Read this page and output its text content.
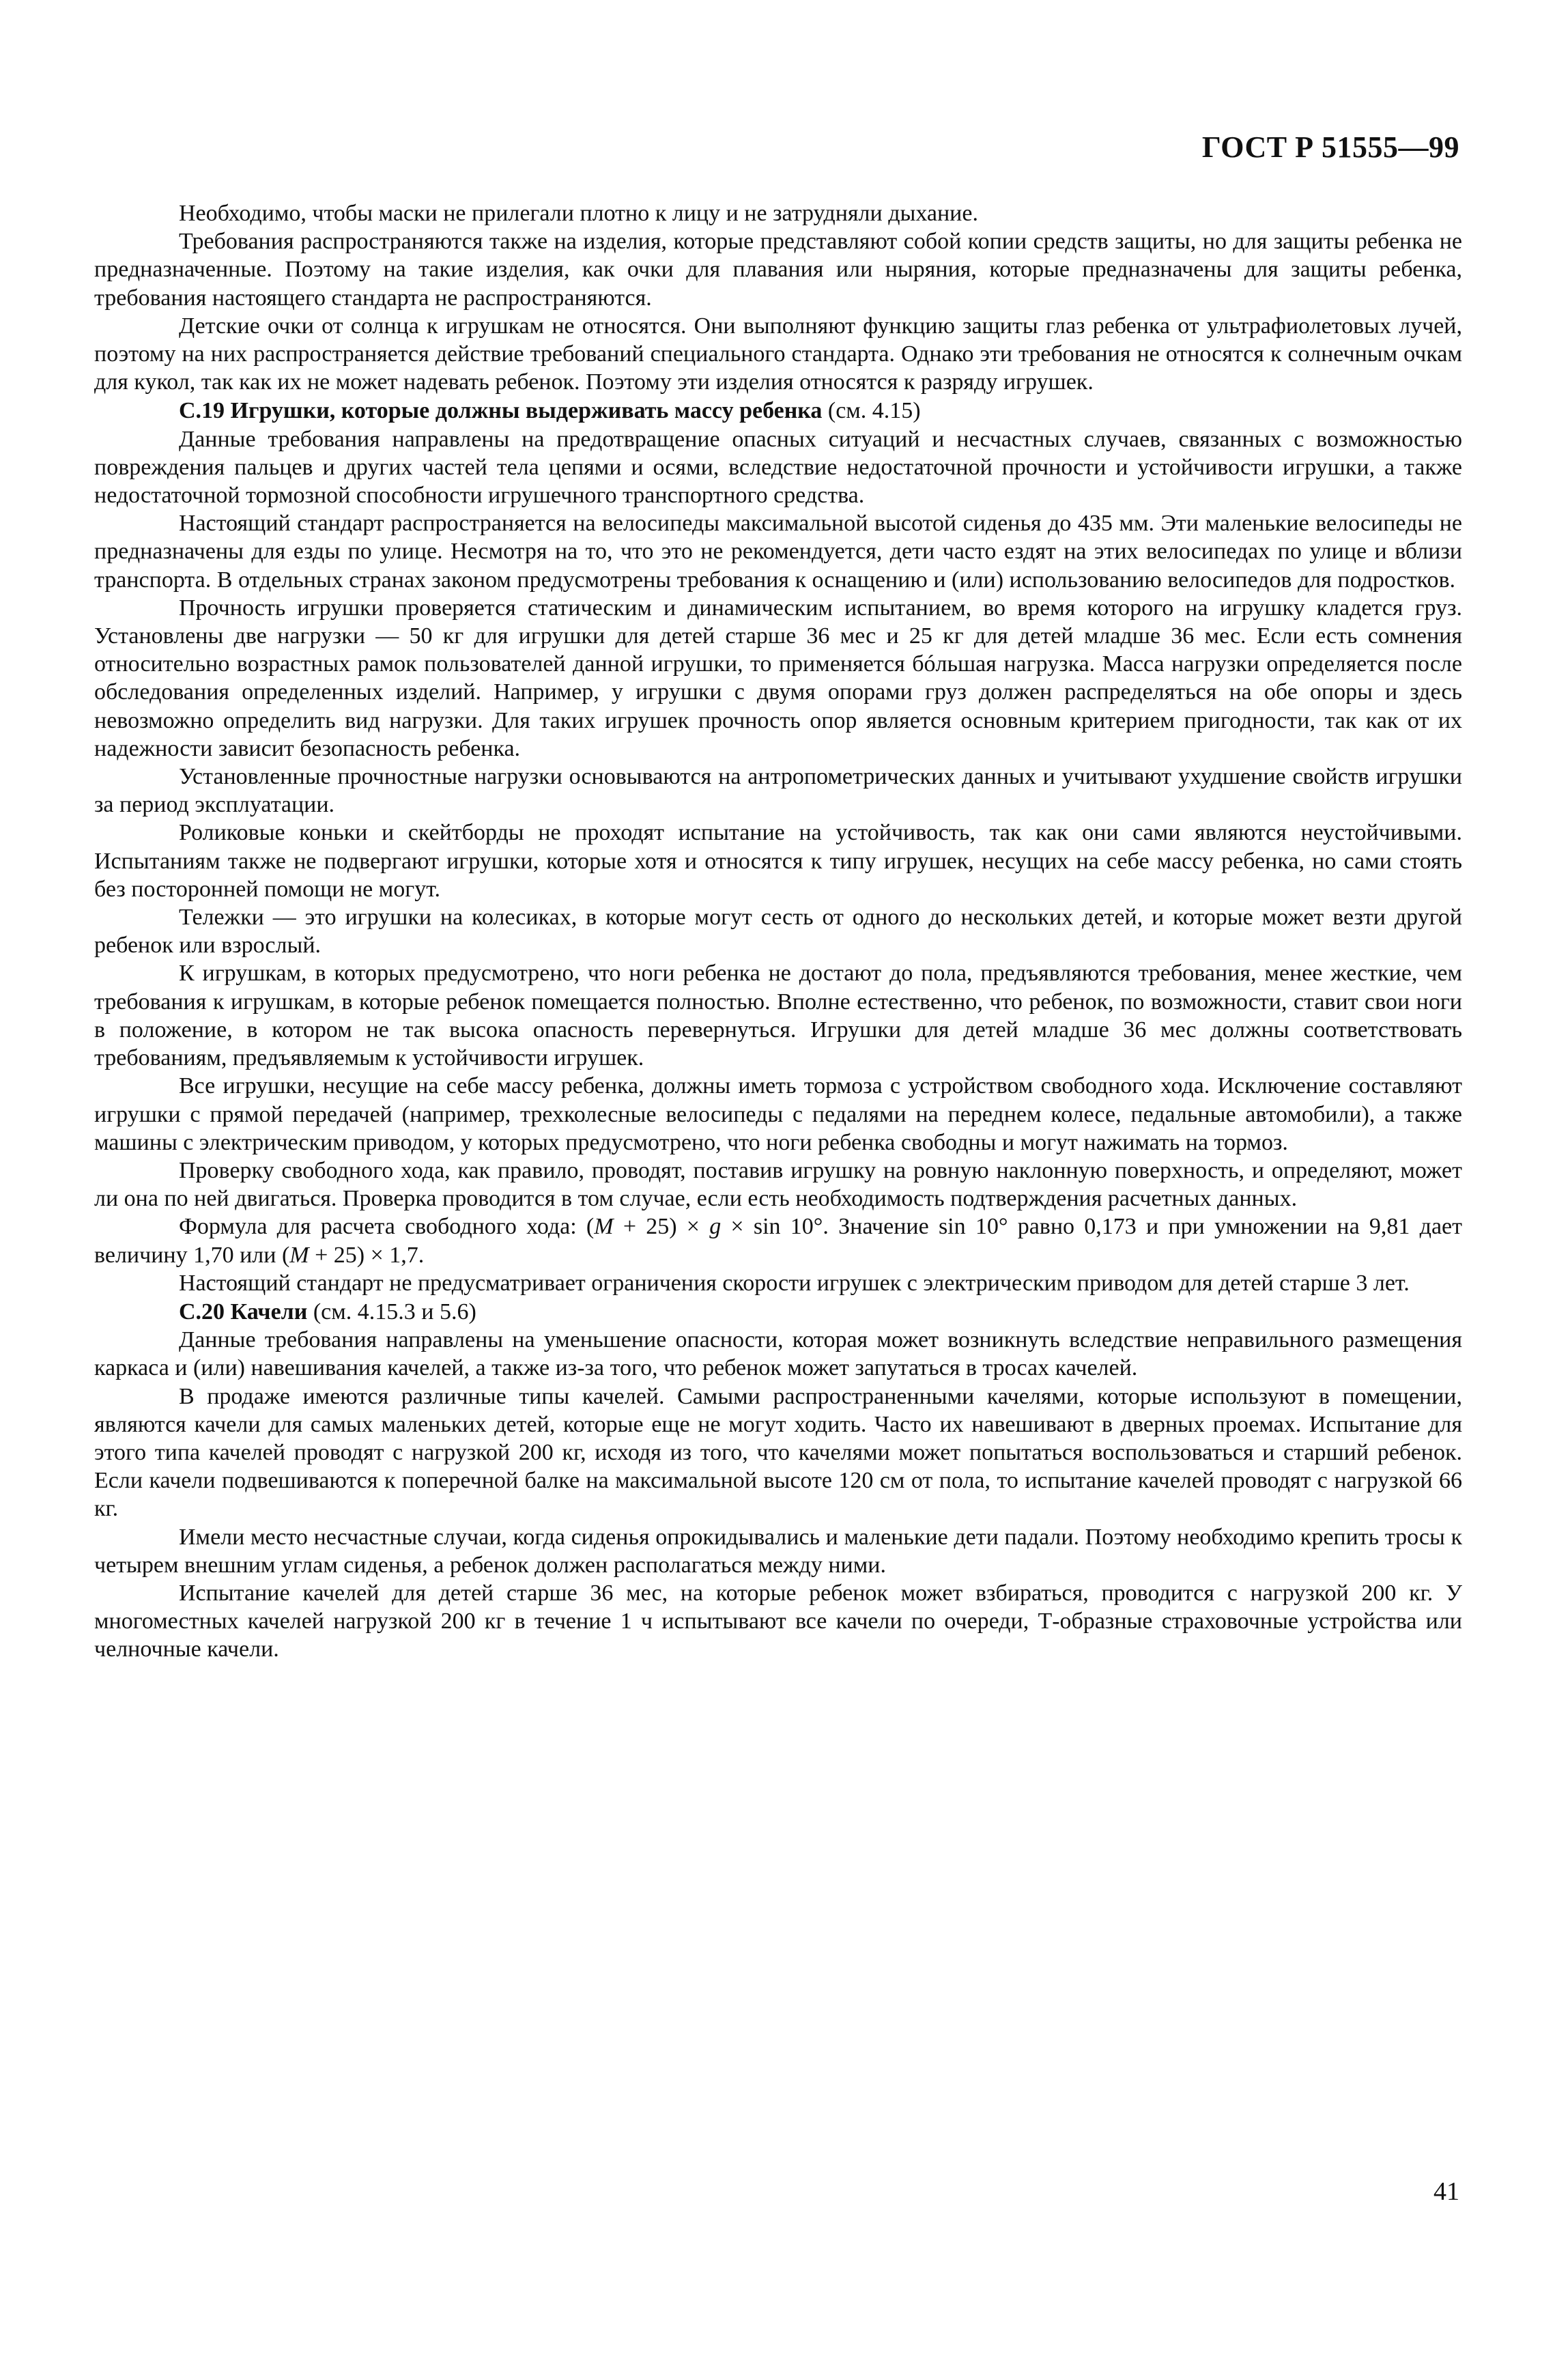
ГОСТ Р 51555—99

Необходимо, чтобы маски не прилегали плотно к лицу и не затрудняли дыхание.

Требования распространяются также на изделия, которые представляют собой копии средств защиты, но для защиты ребенка не предназначенные. Поэтому на такие изделия, как очки для плавания или ныряния, которые предназначены для защиты ребенка, требования настоящего стандарта не распространяются.

Детские очки от солнца к игрушкам не относятся. Они выполняют функцию защиты глаз ребенка от ультрафиолетовых лучей, поэтому на них распространяется действие требований специального стандарта. Однако эти требования не относятся к солнечным очкам для кукол, так как их не может надевать ребенок. Поэтому эти изделия относятся к разряду игрушек.

С.19 Игрушки, которые должны выдерживать массу ребенка (см. 4.15)

Данные требования направлены на предотвращение опасных ситуаций и несчастных случаев, связанных с возможностью повреждения пальцев и других частей тела цепями и осями, вследствие недостаточной прочности и устойчивости игрушки, а также недостаточной тормозной способности игрушечного транспортного средства.

Настоящий стандарт распространяется на велосипеды максимальной высотой сиденья до 435 мм. Эти маленькие велосипеды не предназначены для езды по улице. Несмотря на то, что это не рекомендуется, дети часто ездят на этих велосипедах по улице и вблизи транспорта. В отдельных странах законом предусмотрены требования к оснащению и (или) использованию велосипедов для подростков.

Прочность игрушки проверяется статическим и динамическим испытанием, во время которого на игрушку кладется груз. Установлены две нагрузки — 50 кг для игрушки для детей старше 36 мес и 25 кг для детей младше 36 мес. Если есть сомнения относительно возрастных рамок пользователей данной игрушки, то применяется бóльшая нагрузка. Масса нагрузки определяется после обследования определенных изделий. Например, у игрушки с двумя опорами груз должен распределяться на обе опоры и здесь невозможно определить вид нагрузки. Для таких игрушек прочность опор является основным критерием пригодности, так как от их надежности зависит безопасность ребенка.

Установленные прочностные нагрузки основываются на антропометрических данных и учитывают ухудшение свойств игрушки за период эксплуатации.

Роликовые коньки и скейтборды не проходят испытание на устойчивость, так как они сами являются неустойчивыми. Испытаниям также не подвергают игрушки, которые хотя и относятся к типу игрушек, несущих на себе массу ребенка, но сами стоять без посторонней помощи не могут.

Тележки — это игрушки на колесиках, в которые могут сесть от одного до нескольких детей, и которые может везти другой ребенок или взрослый.

К игрушкам, в которых предусмотрено, что ноги ребенка не достают до пола, предъявляются требования, менее жесткие, чем требования к игрушкам, в которые ребенок помещается полностью. Вполне естественно, что ребенок, по возможности, ставит свои ноги в положение, в котором не так высока опасность перевернуться. Игрушки для детей младше 36 мес должны соответствовать требованиям, предъявляемым к устойчивости игрушек.

Все игрушки, несущие на себе массу ребенка, должны иметь тормоза с устройством свободного хода. Исключение составляют игрушки с прямой передачей (например, трехколесные велосипеды с педалями на переднем колесе, педальные автомобили), а также машины с электрическим приводом, у которых предусмотрено, что ноги ребенка свободны и могут нажимать на тормоз.

Проверку свободного хода, как правило, проводят, поставив игрушку на ровную наклонную поверхность, и определяют, может ли она по ней двигаться. Проверка проводится в том случае, если есть необходимость подтверждения расчетных данных.

Формула для расчета свободного хода: (M + 25) × g × sin 10°. Значение sin 10° равно 0,173 и при умножении на 9,81 дает величину 1,70 или (M + 25) × 1,7.

Настоящий стандарт не предусматривает ограничения скорости игрушек с электрическим приводом для детей старше 3 лет.

С.20 Качели (см. 4.15.3 и 5.6)

Данные требования направлены на уменьшение опасности, которая может возникнуть вследствие неправильного размещения каркаса и (или) навешивания качелей, а также из-за того, что ребенок может запутаться в тросах качелей.

В продаже имеются различные типы качелей. Самыми распространенными качелями, которые используют в помещении, являются качели для самых маленьких детей, которые еще не могут ходить. Часто их навешивают в дверных проемах. Испытание для этого типа качелей проводят с нагрузкой 200 кг, исходя из того, что качелями может попытаться воспользоваться и старший ребенок. Если качели подвешиваются к поперечной балке на максимальной высоте 120 см от пола, то испытание качелей проводят с нагрузкой 66 кг.

Имели место несчастные случаи, когда сиденья опрокидывались и маленькие дети падали. Поэтому необходимо крепить тросы к четырем внешним углам сиденья, а ребенок должен располагаться между ними.

Испытание качелей для детей старше 36 мес, на которые ребенок может взбираться, проводится с нагрузкой 200 кг. У многоместных качелей нагрузкой 200 кг в течение 1 ч испытывают все качели по очереди, Т-образные страховочные устройства или челночные качели.

41
